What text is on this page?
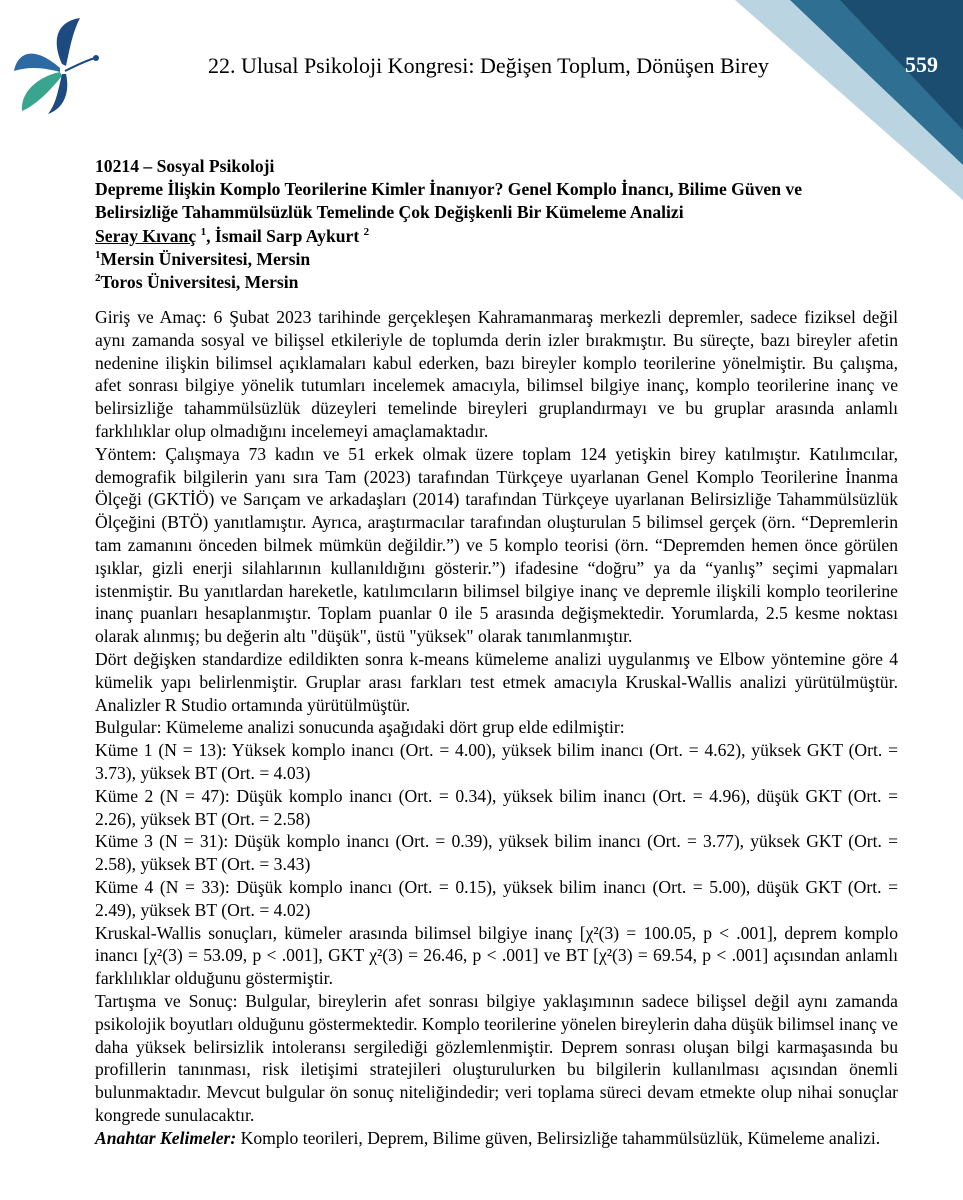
22. Ulusal Psikoloji Kongresi: Değişen Toplum, Dönüşen Birey	559
10214 – Sosyal Psikoloji
Depreme İlişkin Komplo Teorilerine Kimler İnanıyor? Genel Komplo İnancı, Bilime Güven ve
Belirsizliğe Tahammülsüzlük Temelinde Çok Değişkenli Bir Kümeleme Analizi
Seray Kıvanç $^1$, İsmail Sarp Aykurt $^2$
$^1$Mersin Üniversitesi, Mersin
$^2$Toros Üniversitesi, Mersin

Giriş ve Amaç: 6 Şubat 2023 tarihinde gerçekleşen Kahramanmaraş merkezli depremler, sadece fiziksel değil aynı zamanda sosyal ve bilişsel etkileriyle de toplumda derin izler bırakmıştır. Bu süreçte, bazı bireyler afetin nedenine ilişkin bilimsel açıklamaları kabul ederken, bazı bireyler komplo teorilerine yönelmiştir. Bu çalışma, afet sonrası bilgiye yönelik tutumları incelemek amacıyla, bilimsel bilgiye inanç, komplo teorilerine inanç ve belirsizliğe tahammülsüzlük düzeyleri temelinde bireyleri gruplandırmayı ve bu gruplar arasında anlamlı farklılıklar olup olmadığını incelemeyi amaçlamaktadır.

Yöntem: Çalışmaya 73 kadın ve 51 erkek olmak üzere toplam 124 yetişkin birey katılmıştır. Katılımcılar, demografik bilgilerin yanı sıra Tam (2023) tarafından Türkçeye uyarlanan Genel Komplo Teorilerine İnanma Ölçeği (GKTİÖ) ve Sarıçam ve arkadaşları (2014) tarafından Türkçeye uyarlanan Belirsizliğe Tahammülsüzlük Ölçeğini (BTÖ) yanıtlamıştır. Ayrıca, araştırmacılar tarafından oluşturulan 5 bilimsel gerçek (örn. “Depremlerin tam zamanını önceden bilmek mümkün değildir.”) ve 5 komplo teorisi (örn. “Depremden hemen önce görülen ışıklar, gizli enerji silahlarının kullanıldığını gösterir.”) ifadesine “doğru” ya da “yanlış” seçimi yapmaları istenmiştir. Bu yanıtlardan hareketle, katılımcıların bilimsel bilgiye inanç ve depremle ilişkili komplo teorilerine inanç puanları hesaplanmıştır. Toplam puanlar 0 ile 5 arasında değişmektedir. Yorumlarda, 2.5 kesme noktası olarak alınmış; bu değerin altı "düşük", üstü "yüksek" olarak tanımlanmıştır.

Dört değişken standardize edildikten sonra k-means kümeleme analizi uygulanmış ve Elbow yöntemine göre 4 kümelik yapı belirlenmiştir. Gruplar arası farkları test etmek amacıyla Kruskal-Wallis analizi yürütülmüştür. Analizler R Studio ortamında yürütülmüştür.

Bulgular: Kümeleme analizi sonucunda aşağıdaki dört grup elde edilmiştir:

Küme 1 (N = 13): Yüksek komplo inancı (Ort. = 4.00), yüksek bilim inancı (Ort. = 4.62), yüksek GKT (Ort. = 3.73), yüksek BT (Ort. = 4.03)

Küme 2 (N = 47): Düşük komplo inancı (Ort. = 0.34), yüksek bilim inancı (Ort. = 4.96), düşük GKT (Ort. = 2.26), yüksek BT (Ort. = 2.58)

Küme 3 (N = 31): Düşük komplo inancı (Ort. = 0.39), yüksek bilim inancı (Ort. = 3.77), yüksek GKT (Ort. = 2.58), yüksek BT (Ort. = 3.43)

Küme 4 (N = 33): Düşük komplo inancı (Ort. = 0.15), yüksek bilim inancı (Ort. = 5.00), düşük GKT (Ort. = 2.49), yüksek BT (Ort. = 4.02)

Kruskal-Wallis sonuçları, kümeler arasında bilimsel bilgiye inanç [χ²(3) = 100.05, p < .001], deprem komplo inancı [χ²(3) = 53.09, p < .001], GKT χ²(3) = 26.46, p < .001] ve BT [χ²(3) = 69.54, p < .001] açısından anlamlı farklılıklar olduğunu göstermiştir.

Tartışma ve Sonuç: Bulgular, bireylerin afet sonrası bilgiye yaklaşımının sadece bilişsel değil aynı zamanda psikolojik boyutları olduğunu göstermektedir. Komplo teorilerine yönelen bireylerin daha düşük bilimsel inanç ve daha yüksek belirsizlik intoleransı sergilediği gözlemlenmiştir. Deprem sonrası oluşan bilgi karmaşasında bu profillerin tanınması, risk iletişimi stratejileri oluşturulurken bu bilgilerin kullanılması açısından önemli bulunmaktadır. Mevcut bulgular ön sonuç niteliğindedir; veri toplama süreci devam etmekte olup nihai sonuçlar kongrede sunulacaktır.

Anahtar Kelimeler: Komplo teorileri, Deprem, Bilime güven, Belirsizliğe tahammülsüzlük, Kümeleme analizi.
